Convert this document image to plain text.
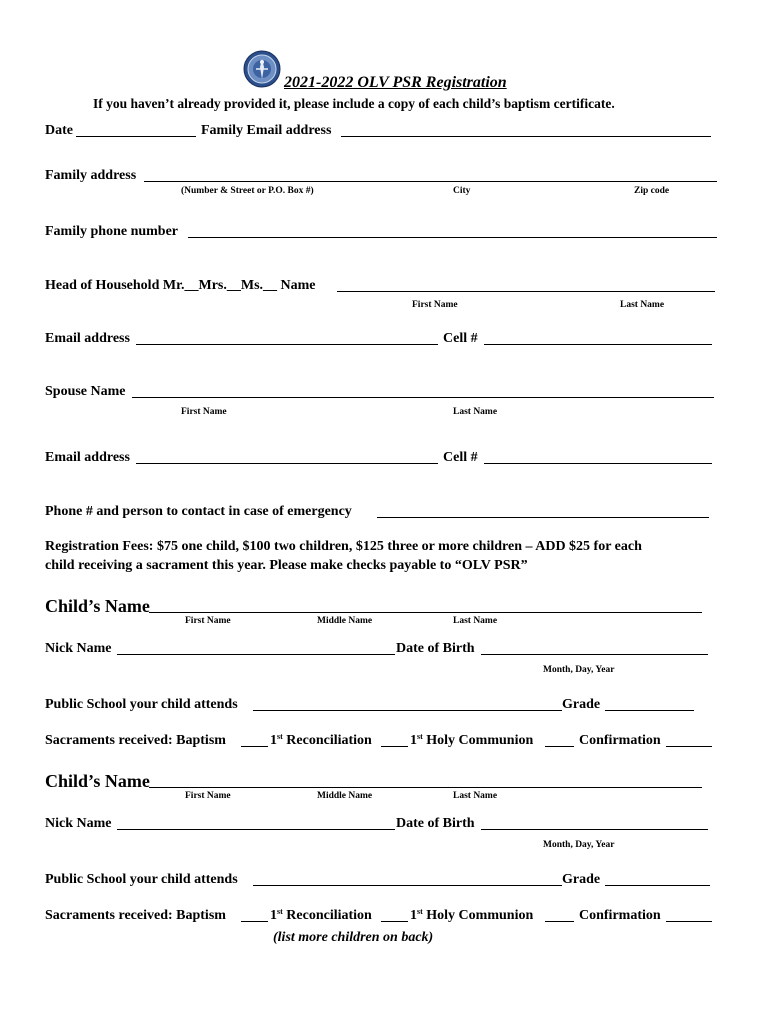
2021-2022 OLV PSR Registration
If you haven’t already provided it, please include a copy of each child’s baptism certificate.
Date	Family Email address
Family address
(Number & Street or P.O. Box #)	City	Zip code
Family phone number
Head of Household Mr.__Mrs.__Ms.__ Name
First Name	Last Name
Email address	Cell #
Spouse Name
First Name	Last Name
Email address	Cell #
Phone # and person to contact in case of emergency
Registration Fees: $75 one child, $100 two children, $125 three or more children – ADD $25 for each
child receiving a sacrament this year. Please make checks payable to “OLV PSR”
Child’s Name
First Name	Middle Name	Last Name
Nick Name	Date of Birth
Month, Day, Year
Public School your child attends	Grade
Sacraments received: Baptism	1st Reconciliation	1st Holy Communion	Confirmation
Child’s Name
First Name	Middle Name	Last Name
Nick Name	Date of Birth
Month, Day, Year
Public School your child attends	Grade
Sacraments received: Baptism	1st Reconciliation	1st Holy Communion	Confirmation
(list more children on back)
